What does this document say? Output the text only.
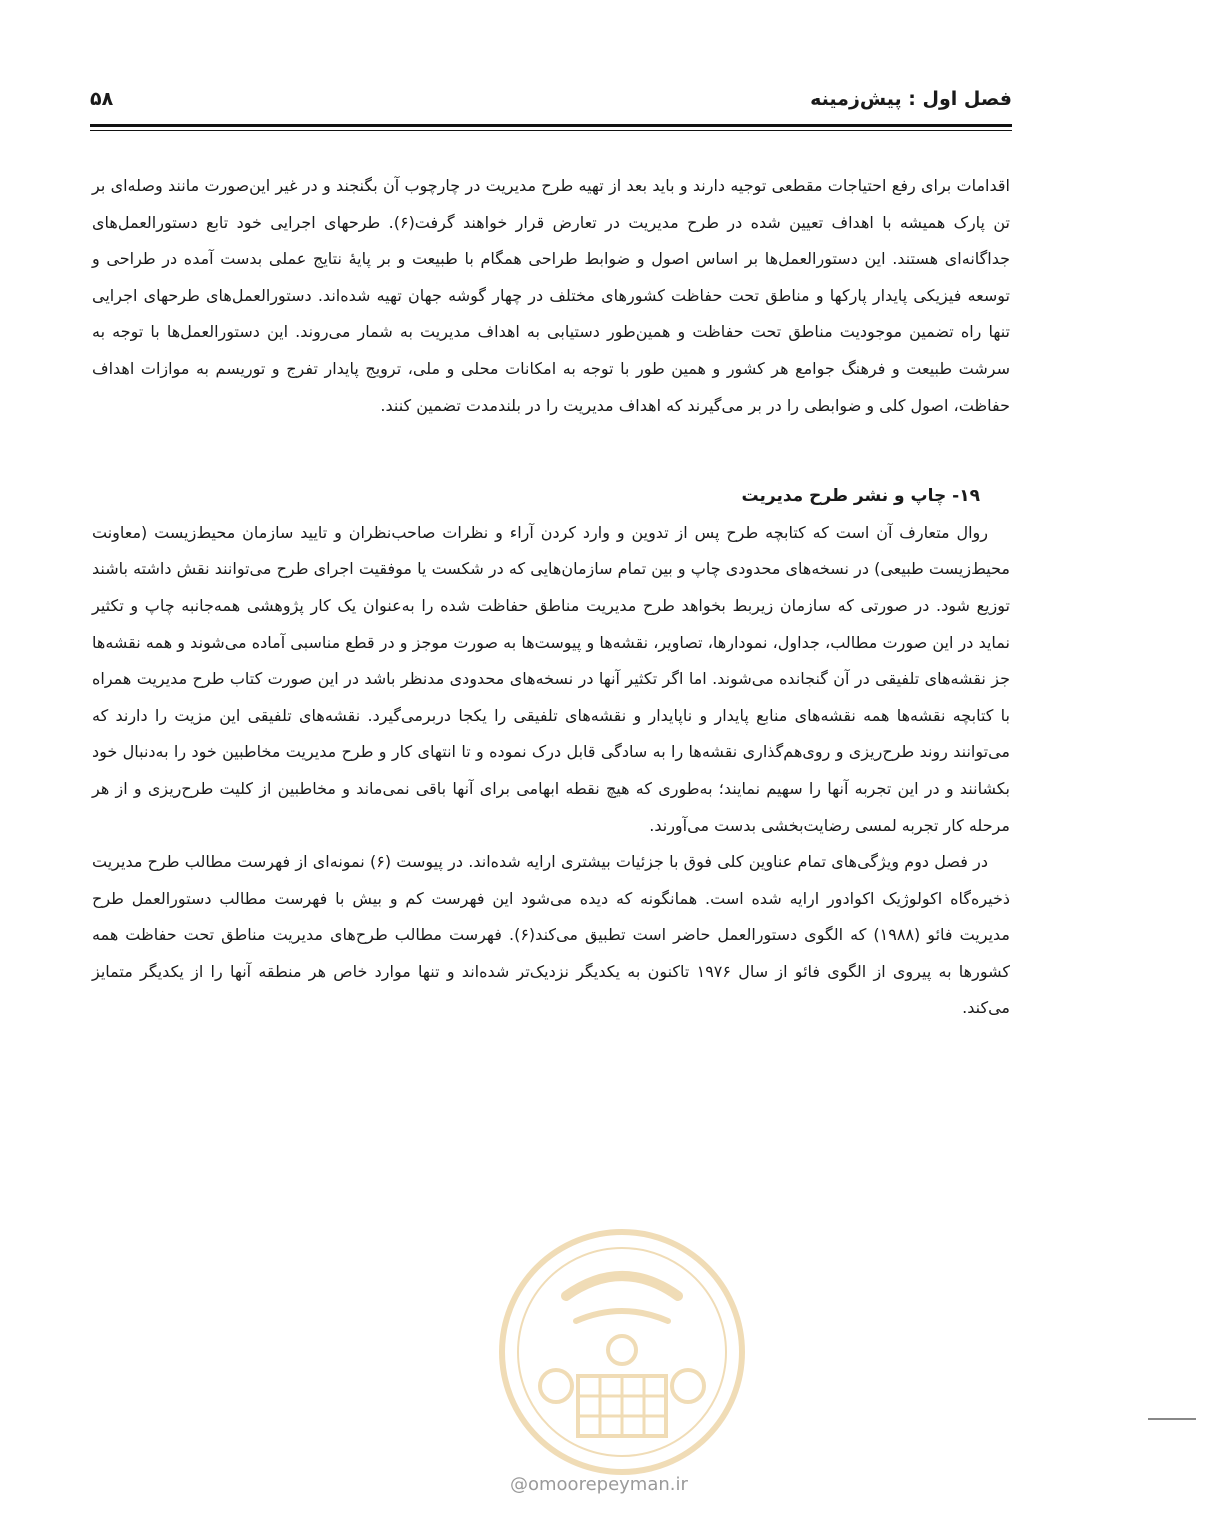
فصل اول : پیش‌زمینه
۵۸

اقدامات برای رفع احتیاجات مقطعی توجیه دارند و باید بعد از تهیه طرح مدیریت در چارچوب آن بگنجند و در غیر این‌صورت مانند وصله‌ای بر تن پارک همیشه با اهداف تعیین شده در طرح مدیریت در تعارض قرار خواهند گرفت(۶). طرحهای اجرایی خود تابع دستورالعمل‌های جداگانه‌ای هستند. این دستورالعمل‌ها بر اساس اصول و ضوابط طراحی همگام با طبیعت و بر پایهٔ نتایج عملی بدست آمده در طراحی و توسعه فیزیکی پایدار پارکها و مناطق تحت حفاظت کشورهای مختلف در چهار گوشه جهان تهیه شده‌اند. دستورالعمل‌های طرحهای اجرایی تنها راه تضمین موجودیت مناطق تحت حفاظت و همین‌طور دستیابی به اهداف مدیریت به شمار می‌روند. این دستورالعمل‌ها با توجه به سرشت طبیعت و فرهنگ جوامع هر کشور و همین طور با توجه به امکانات محلی و ملی، ترویج پایدار تفرج و توریسم به موازات اهداف حفاظت، اصول کلی و ضوابطی را در بر می‌گیرند که اهداف مدیریت را در بلندمدت تضمین کنند.

۱۹- چاپ و نشر طرح مدیریت

روال متعارف آن است که کتابچه طرح پس از تدوین و وارد کردن آراء و نظرات صاحب‌نظران و تایید سازمان محیط‌زیست (معاونت محیط‌زیست طبیعی) در نسخه‌های محدودی چاپ و بین تمام سازمان‌هایی که در شکست یا موفقیت اجرای طرح می‌توانند نقش داشته باشند توزیع شود. در صورتی که سازمان زیربط بخواهد طرح مدیریت مناطق حفاظت شده را به‌عنوان یک کار پژوهشی همه‌جانبه چاپ و تکثیر نماید در این صورت مطالب، جداول، نمودارها، تصاویر، نقشه‌ها و پیوست‌ها به صورت موجز و در قطع مناسبی آماده می‌شوند و همه نقشه‌ها جز نقشه‌های تلفیقی در آن گنجانده می‌شوند. اما اگر تکثیر آنها در نسخه‌های محدودی مدنظر باشد در این صورت کتاب طرح مدیریت همراه با کتابچه نقشه‌ها همه نقشه‌های منابع پایدار و ناپایدار و نقشه‌های تلفیقی را یکجا دربرمی‌گیرد. نقشه‌های تلفیقی این مزیت را دارند که می‌توانند روند طرح‌ریزی و روی‌هم‌گذاری نقشه‌ها را به سادگی قابل درک نموده و تا انتهای کار و طرح مدیریت مخاطبین خود را به‌دنبال خود بکشانند و در این تجربه آنها را سهیم نمایند؛ به‌طوری که هیچ نقطه ابهامی برای آنها باقی نمی‌ماند و مخاطبین از کلیت طرح‌ریزی و از هر مرحله کار تجربه لمسی رضایت‌بخشی بدست می‌آورند.

در فصل دوم ویژگی‌های تمام عناوین کلی فوق با جزئیات بیشتری ارایه شده‌اند. در پیوست (۶) نمونه‌ای از فهرست مطالب طرح مدیریت ذخیره‌گاه اکولوژیک اکوادور ارایه شده است. همانگونه که دیده می‌شود این فهرست کم و بیش با فهرست مطالب دستورالعمل طرح مدیریت فائو (۱۹۸۸) که الگوی دستورالعمل حاضر است تطبیق می‌کند(۶). فهرست مطالب طرح‌های مدیریت مناطق تحت حفاظت همه کشورها به پیروی از الگوی فائو از سال ۱۹۷۶ تاکنون به یکدیگر نزدیک‌تر شده‌اند و تنها موارد خاص هر منطقه آنها را از یکدیگر متمایز می‌کند.

@omoorepeyman.ir
